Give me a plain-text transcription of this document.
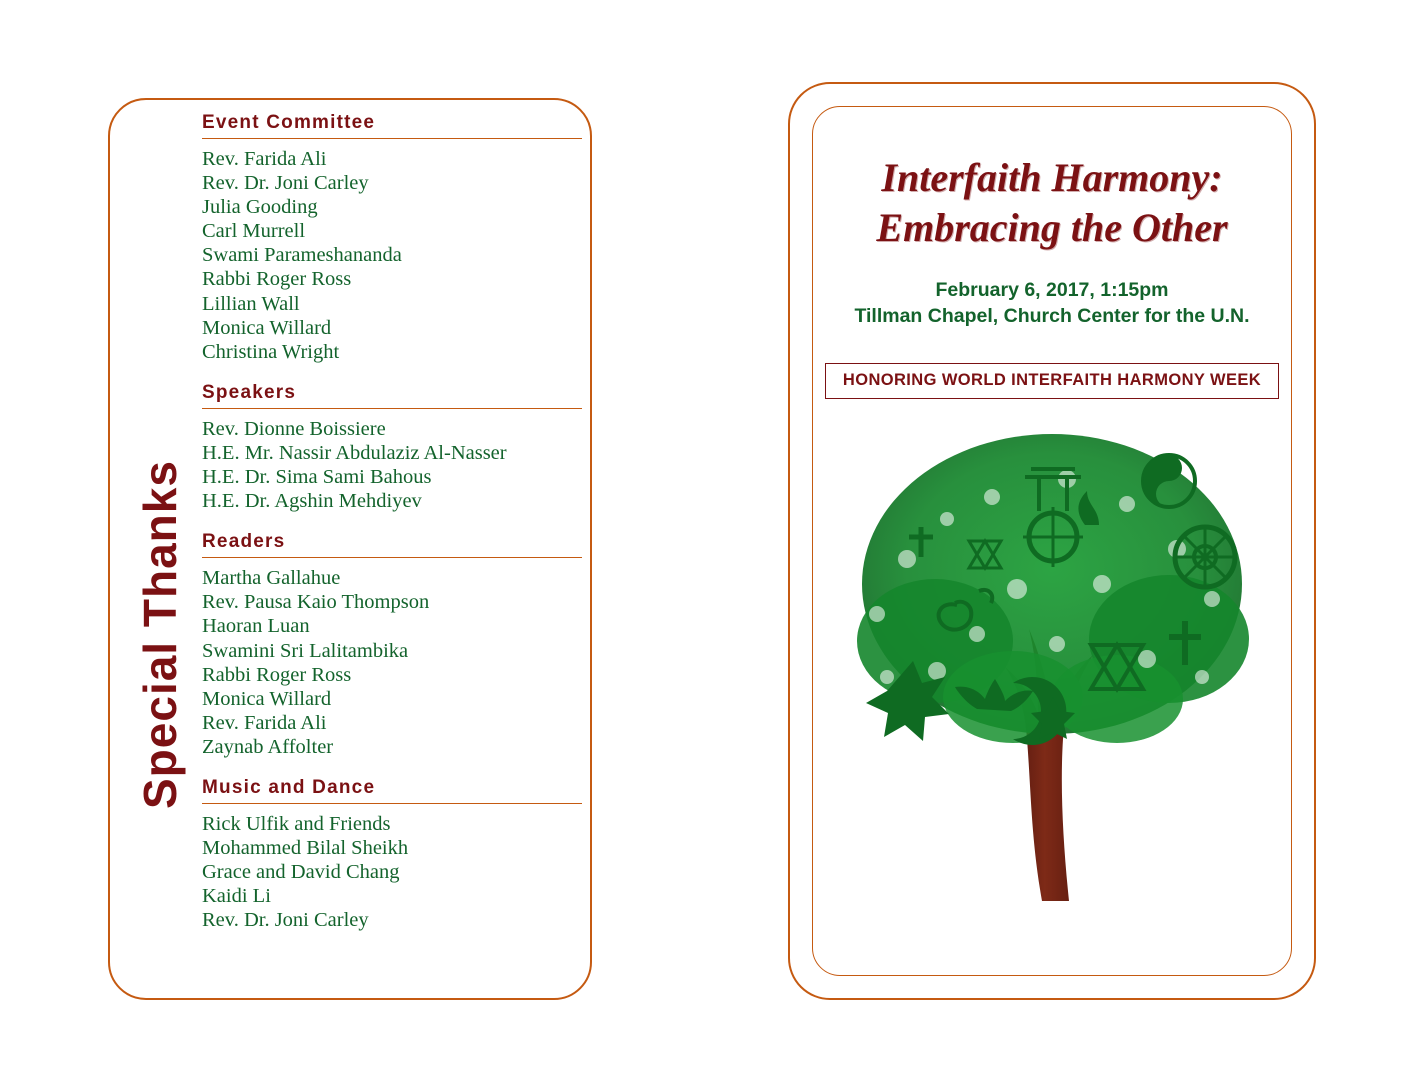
Special Thanks
Event Committee
Rev. Farida Ali
Rev. Dr. Joni Carley
Julia Gooding
Carl Murrell
Swami Parameshananda
Rabbi Roger Ross
Lillian Wall
Monica Willard
Christina Wright
Speakers
Rev. Dionne Boissiere
H.E. Mr. Nassir Abdulaziz Al-Nasser
H.E. Dr. Sima Sami Bahous
H.E. Dr. Agshin Mehdiyev
Readers
Martha Gallahue
Rev. Pausa Kaio Thompson
Haoran Luan
Swamini Sri Lalitambika
Rabbi Roger Ross
Monica Willard
Rev. Farida Ali
Zaynab Affolter
Music and Dance
Rick Ulfik and Friends
Mohammed Bilal Sheikh
Grace and David Chang
Kaidi Li
Rev. Dr. Joni Carley
Interfaith Harmony:
Embracing the Other
February 6, 2017, 1:15pm
Tillman Chapel, Church Center for the U.N.
HONORING WORLD INTERFAITH HARMONY WEEK
